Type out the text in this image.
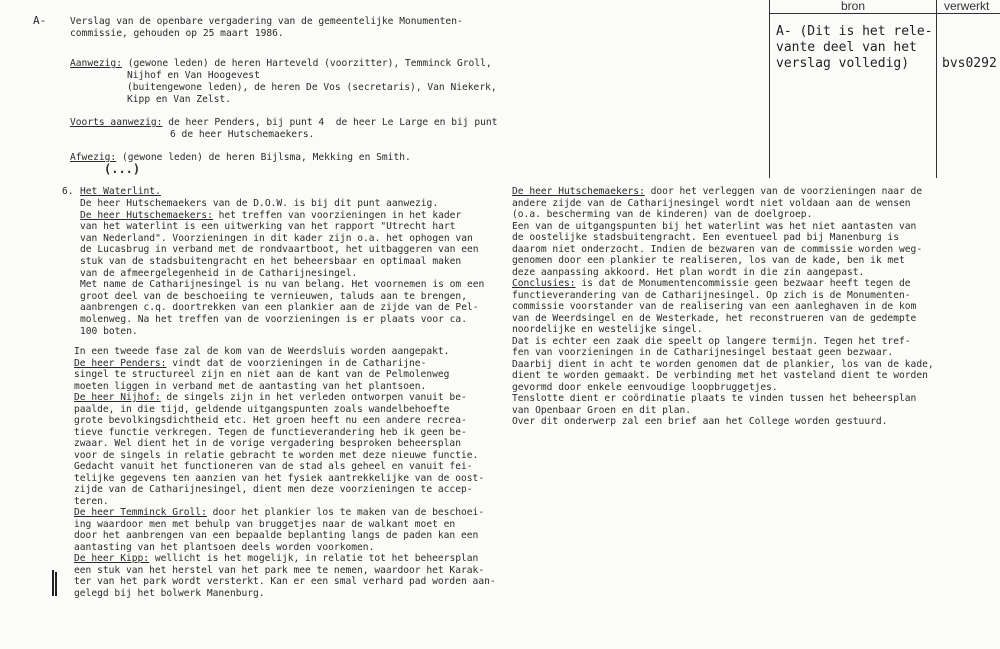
bron	verwerkt
A- (Dit is het rele-
vante deel van het
verslag volledig)	bvs0292
A- Verslag van de openbare vergadering van de gemeentelijke Monumenten-
commissie, gehouden op 25 maart 1986.
Aanwezig: (gewone leden) de heren Harteveld (voorzitter), Temminck Groll,
Nijhof en Van Hoogevest
(buitengewone leden), de heren De Vos (secretaris), Van Niekerk,
Kipp en Van Zelst.
Voorts aanwezig: de heer Penders, bij punt 4  de heer Le Large en bij punt
6 de heer Hutschemaekers.
Afwezig: (gewone leden) de heren Bijlsma, Mekking en Smith.
(...)
6. Het Waterlint.
De heer Hutschemaekers van de D.O.W. is bij dit punt aanwezig.
De heer Hutschemaekers: het treffen van voorzieningen in het kader
van het waterlint is een uitwerking van het rapport "Utrecht hart
van Nederland". Voorzieningen in dit kader zijn o.a. het ophogen van
de Lucasbrug in verband met de rondvaartboot, het uitbaggeren van een
stuk van de stadsbuitengracht en het beheersbaar en optimaal maken
van de afmeergelegenheid in de Catharijnesingel.
Met name de Catharijnesingel is nu van belang. Het voornemen is om een
groot deel van de beschoeiing te vernieuwen, taluds aan te brengen,
aanbrengen c.q. doortrekken van een plankier aan de zijde van de Pel-
molenweg. Na het treffen van de voorzieningen is er plaats voor ca.
100 boten.
In een tweede fase zal de kom van de Weerdsluis worden aangepakt.
De heer Penders: vindt dat de voorzieningen in de Catharijne-
singel te structureel zijn en niet aan de kant van de Pelmolenweg
moeten liggen in verband met de aantasting van het plantsoen.
De heer Nijhof: de singels zijn in het verleden ontworpen vanuit be-
paalde, in die tijd, geldende uitgangspunten zoals wandelbehoefte
grote bevolkingsdichtheid etc. Het groen heeft nu een andere recrea-
tieve functie verkregen. Tegen de functieverandering heb ik geen be-
zwaar. Wel dient het in de vorige vergadering besproken beheersplan
voor de singels in relatie gebracht te worden met deze nieuwe functie.
Gedacht vanuit het functioneren van de stad als geheel en vanuit fei-
telijke gegevens ten aanzien van het fysiek aantrekkelijke van de oost-
zijde van de Catharijnesingel, dient men deze voorzieningen te accep-
teren.
De heer Temminck Groll: door het plankier los te maken van de beschoei-
ing waardoor men met behulp van bruggetjes naar de walkant moet en
door het aanbrengen van een bepaalde beplanting langs de paden kan een
aantasting van het plantsoen deels worden voorkomen.
De heer Kipp: wellicht is het mogelijk, in relatie tot het beheersplan
een stuk van het herstel van het park mee te nemen, waardoor het Karak-
ter van het park wordt versterkt. Kan er een smal verhard pad worden aan-
gelegd bij het bolwerk Manenburg.
De heer Hutschemaekers: door het verleggen van de voorzieningen naar de
andere zijde van de Catharijnesingel wordt niet voldaan aan de wensen
(o.a. bescherming van de kinderen) van de doelgroep.
Een van de uitgangspunten bij het waterlint was het niet aantasten van
de oostelijke stadsbuitengracht. Een eventueel pad bij Manenburg is
daarom niet onderzocht. Indien de bezwaren van de commissie worden weg-
genomen door een plankier te realiseren, los van de kade, ben ik met
deze aanpassing akkoord. Het plan wordt in die zin aangepast.
Conclusies: is dat de Monumentencommissie geen bezwaar heeft tegen de
functieverandering van de Catharijnesingel. Op zich is de Monumenten-
commissie voorstander van de realisering van een aanleghaven in de kom
van de Weerdsingel en de Westerkade, het reconstrueren van de gedempte
noordelijke en westelijke singel.
Dat is echter een zaak die speelt op langere termijn. Tegen het tref-
fen van voorzieningen in de Catharijnesingel bestaat geen bezwaar.
Daarbij dient in acht te worden genomen dat de plankier, los van de kade,
dient te worden gemaakt. De verbinding met het vasteland dient te worden
gevormd door enkele eenvoudige loopbruggetjes.
Tenslotte dient er coördinatie plaats te vinden tussen het beheersplan
van Openbaar Groen en dit plan.
Over dit onderwerp zal een brief aan het College worden gestuurd.
